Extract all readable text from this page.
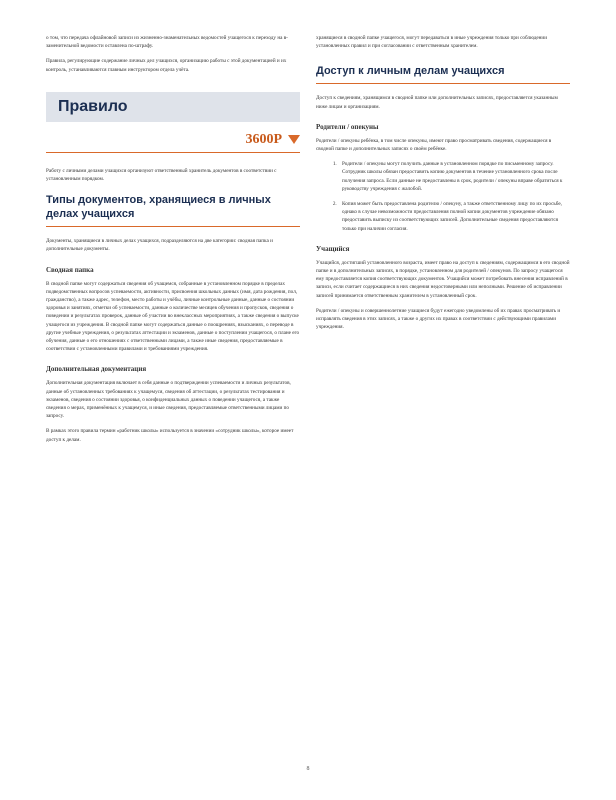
о том, что передача офлайновой записи из жизненно-знаменательных ведомостей учащегося к переходу на в-заменительной ведомости оставлена по-штрафу.

Правила, регулирующие содержание личных дел учащихся, организацию работы с этой документацией и их контроль, устанавливаются главным инструктором отдела учёта.

Правило
3600Р

Работу с личными делами учащихся организуют ответственный хранитель документов в соответствии с установленным порядком.

Типы документов, хранящиеся в личных делах учащихся

Документы, хранящиеся в личных делах учащихся, подразделяются на две категории: сводная папка и дополнительные документы.

Сводная папка

В сводной папке могут содержаться сведения об учащемся, собранные в установленном порядке в пределах подведомственных вопросов успеваемости, активности, присвоения школьных данных (имя, дата рождения, пол, гражданство), а также адрес, телефон, место работы и учёбы, личные контрольные данные, данные о состоянии здоровья и занятиях, отметки об успеваемости, данные о количестве месяцев обучения и пропусков, сведения о поведении и результатах проверок, данные об участии во внеклассных мероприятиях, а также сведения о выпуске учащегося из учреждения. В сводной папке могут содержаться данные о поощрениях, взысканиях, о переводе в другие учебные учреждения, о результатах аттестации и экзаменов, данные о поступлении учащегося, о плане его обучения, данные о его отношениях с ответственными лицами, а также иные сведения, предоставляемые в соответствии с установленными правилами и требованиями учреждения.

Дополнительная документация

Дополнительная документация включает в себя данные о подтверждении успеваемости и личных результатов, данные об установленных требованиях к учащемуся, сведения об аттестации, о результатах тестирования и экзаменов, сведения о состоянии здоровья, о конфиденциальных данных о поведении учащегося, а также сведения о мерах, применённых к учащемуся, и иные сведения, предоставляемые ответственными лицами по запросу.

В рамках этого правила термин «работник школы» используется в значении «сотрудник школы», которое имеет доступ к делам.

хранящиеся в сводной папке учащегося, могут передаваться в иные учреждения только при соблюдении установленных правил и при согласовании с ответственным хранителем.

Доступ к личным делам учащихся

Доступ к сведениям, хранящимся в сводной папке или дополнительных записях, предоставляется указанным ниже лицам и организациям.

Родители / опекуны

Родители / опекуны ребёнка, в том числе опекуны, имеют право просматривать сведения, содержащиеся в сводной папке и дополнительных записях о своём ребёнке.

1. Родители / опекуны могут получить данные в установленном порядке по письменному запросу. Сотрудник школы обязан предоставить копию документов в течение установленного срока после получения запроса. Если данные не предоставлены в срок, родители / опекуны вправе обратиться к руководству учреждения с жалобой.
2. Копия может быть предоставлена родителю / опекуну, а также ответственному лицу по их просьбе, однако в случае невозможности предоставления полной копии документов учреждение обязано предоставить выписку из соответствующих записей. Дополнительные сведения предоставляются только при наличии согласия.
Учащийся

Учащийся, достигший установленного возраста, имеет право на доступ к сведениям, содержащимся в его сводной папке и в дополнительных записях, в порядке, установленном для родителей / опекунов. По запросу учащегося ему предоставляется копия соответствующих документов. Учащийся может потребовать внесения исправлений в записи, если считает содержащиеся в них сведения недостоверными или неполными. Решение об исправлении записей принимается ответственным хранителем в установленный срок.

Родители / опекуны и совершеннолетние учащиеся будут ежегодно уведомлены об их правах просматривать и исправлять сведения в этих записях, а также о других их правах в соответствии с действующими правилами учреждения.

8
